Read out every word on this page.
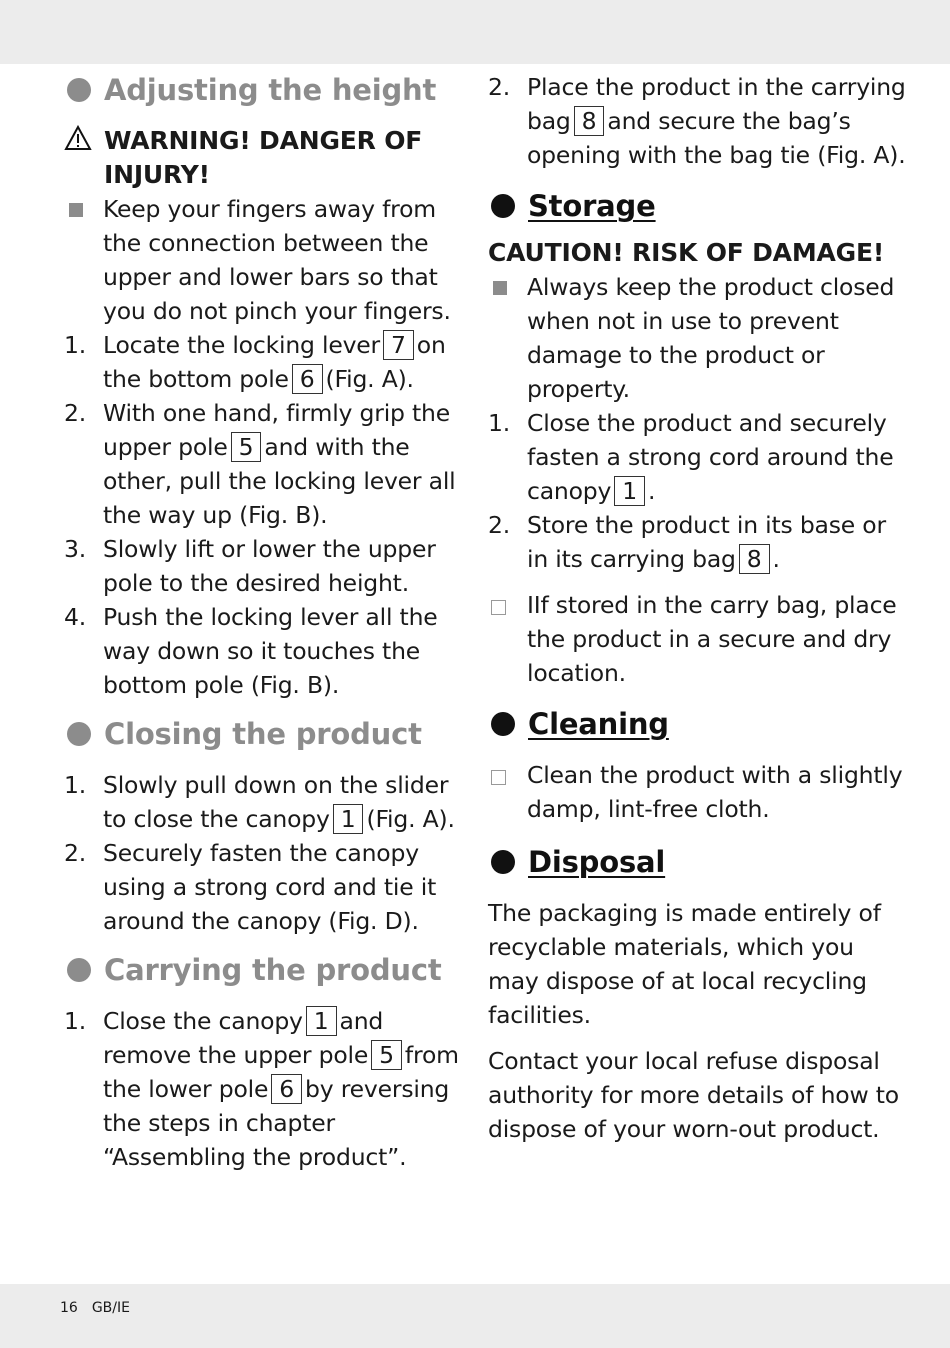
Adjusting the height

WARNING! DANGER OF INJURY!

Keep your fingers away from the connection between the upper and lower bars so that you do not pinch your fingers.

1. Locate the locking lever 7 on the bottom pole 6 (Fig. A).
2. With one hand, firmly grip the upper pole 5 and with the other, pull the locking lever all the way up (Fig. B).
3. Slowly lift or lower the upper pole to the desired height.
4. Push the locking lever all the way down so it touches the bottom pole (Fig. B).
Closing the product
1. Slowly pull down on the slider to close the canopy 1 (Fig. A).
2. Securely fasten the canopy using a strong cord and tie it around the canopy (Fig. D).
Carrying the product
1. Close the canopy 1 and remove the upper pole 5 from the lower pole 6 by reversing the steps in chapter “Assembling the product”.
2. Place the product in the carrying bag 8 and secure the bag’s opening with the bag tie (Fig. A).
Storage

CAUTION! RISK OF DAMAGE!

Always keep the product closed when not in use to prevent damage to the product or property.

1. Close the product and securely fasten a strong cord around the canopy 1 .
2. Store the product in its base or in its carrying bag 8 .

IIf stored in the carry bag, place the product in a secure and dry location.

Cleaning

Clean the product with a slightly damp, lint-free cloth.

Disposal

The packaging is made entirely of recyclable materials, which you may dispose of at local recycling facilities.

Contact your local refuse disposal authority for more details of how to dispose of your worn-out product.

16 GB/IE
